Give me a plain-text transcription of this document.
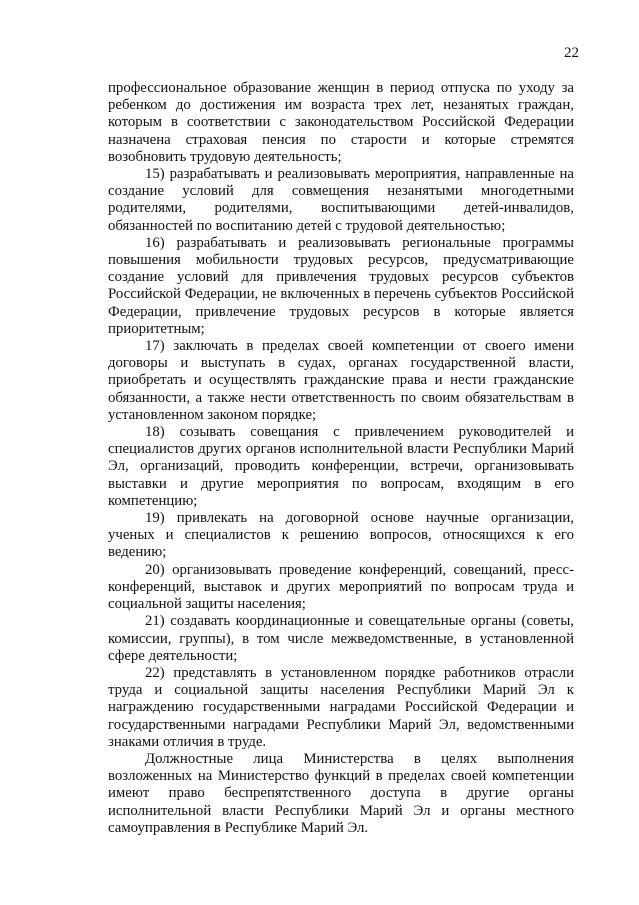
22

профессиональное образование женщин в период отпуска по уходу за ребенком до достижения им возраста трех лет, незанятых граждан, которым в соответствии с законодательством Российской Федерации назначена страховая пенсия по старости и которые стремятся возобновить трудовую деятельность;

15) разрабатывать и реализовывать мероприятия, направленные на создание условий для совмещения незанятыми многодетными родителями, родителями, воспитывающими детей-инвалидов, обязанностей по воспитанию детей с трудовой деятельностью;

16) разрабатывать и реализовывать региональные программы повышения мобильности трудовых ресурсов, предусматривающие создание условий для привлечения трудовых ресурсов субъектов Российской Федерации, не включенных в перечень субъектов Российской Федерации, привлечение трудовых ресурсов в которые является приоритетным;

17) заключать в пределах своей компетенции от своего имени договоры и выступать в судах, органах государственной власти, приобретать и осуществлять гражданские права и нести гражданские обязанности, а также нести ответственность по своим обязательствам в установленном законом порядке;

18) созывать совещания с привлечением руководителей и специалистов других органов исполнительной власти Республики Марий Эл, организаций, проводить конференции, встречи, организовывать выставки и другие мероприятия по вопросам, входящим в его компетенцию;

19) привлекать на договорной основе научные организации, ученых и специалистов к решению вопросов, относящихся к его ведению;

20) организовывать проведение конференций, совещаний, пресс-конференций, выставок и других мероприятий по вопросам труда и социальной защиты населения;

21) создавать координационные и совещательные органы (советы, комиссии, группы), в том числе межведомственные, в установленной сфере деятельности;

22) представлять в установленном порядке работников отрасли труда и социальной защиты населения Республики Марий Эл к награждению государственными наградами Российской Федерации и государственными наградами Республики Марий Эл, ведомственными знаками отличия в труде.

Должностные лица Министерства в целях выполнения возложенных на Министерство функций в пределах своей компетенции имеют право беспрепятственного доступа в другие органы исполнительной власти Республики Марий Эл и органы местного самоуправления в Республике Марий Эл.
